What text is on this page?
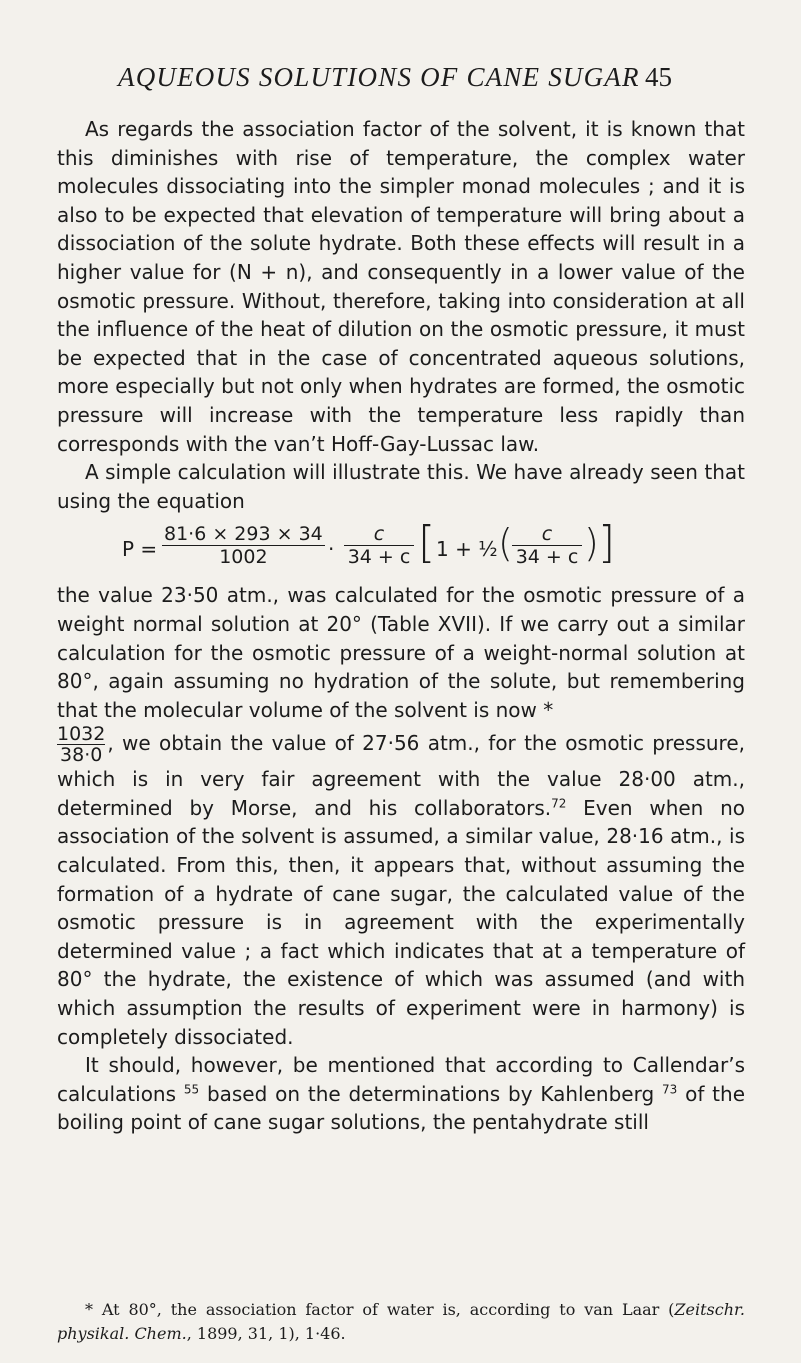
AQUEOUS SOLUTIONS OF CANE SUGAR 45

As regards the association factor of the solvent, it is known that this diminishes with rise of temperature, the complex water molecules dissociating into the simpler monad molecules ; and it is also to be expected that elevation of temperature will bring about a dissociation of the solute hydrate. Both these effects will result in a higher value for (N + n), and consequently in a lower value of the osmotic pressure. Without, therefore, taking into consideration at all the influence of the heat of dilution on the osmotic pressure, it must be expected that in the case of concentrated aqueous solutions, more especially but not only when hydrates are formed, the osmotic pressure will increase with the temperature less rapidly than corresponds with the van’t Hoff-Gay-Lussac law.

A simple calculation will illustrate this. We have already seen that using the equation

$P = \frac{81\cdot 6 \times 293 \times 34}{1002} \cdot \frac{c}{34 + c}$ [ 1 + ½ ( $\frac{c}{34 + c}$ ) ]

the value 23·50 atm., was calculated for the osmotic pressure of a weight normal solution at 20° (Table XVII). If we carry out a similar calculation for the osmotic pressure of a weight-normal solution at 80°, again assuming no hydration of the solute, but remembering that the molecular volume of the solvent is now *

$\frac{1032}{38\cdot 0}$ , we obtain the value of 27·56 atm., for the osmotic pressure, which is in very fair agreement with the value 28·00 atm., determined by Morse, and his collaborators.$^{72}$ Even when no association of the solvent is assumed, a similar value, 28·16 atm., is calculated. From this, then, it appears that, without assuming the formation of a hydrate of cane sugar, the calculated value of the osmotic pressure is in agreement with the experimentally determined value ; a fact which indicates that at a temperature of 80° the hydrate, the existence of which was assumed (and with which assumption the results of experiment were in harmony) is completely dissociated.

It should, however, be mentioned that according to Callendar’s calculations $^{55}$ based on the determinations by Kahlenberg $^{73}$ of the boiling point of cane sugar solutions, the pentahydrate still

* At 80°, the association factor of water is, according to van Laar (Zeitschr. physikal. Chem., 1899, 31, 1), 1·46.
